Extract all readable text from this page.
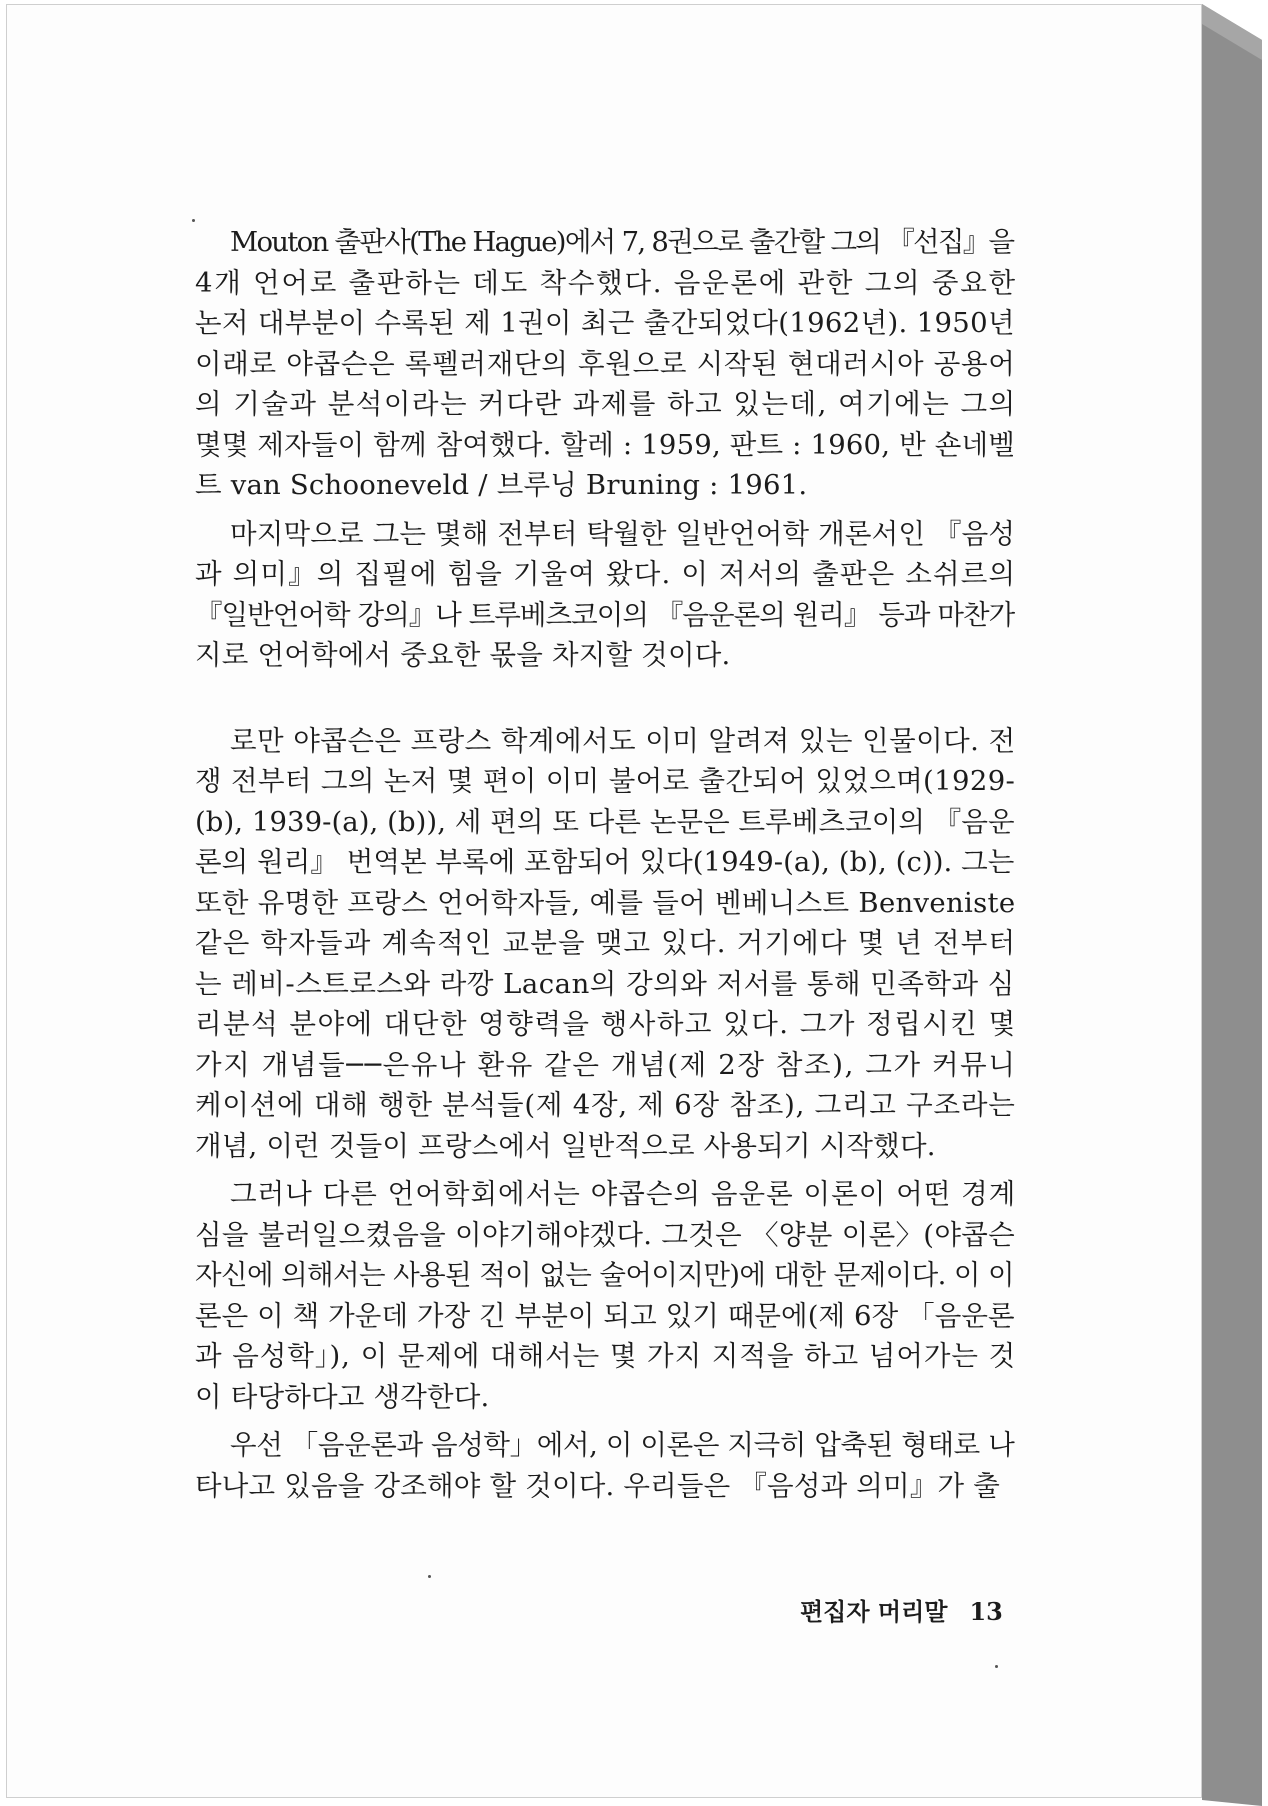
Mouton 출판사(The Hague)에서 7, 8권으로 출간할 그의 『선집』을
4개 언어로 출판하는 데도 착수했다. 음운론에 관한 그의 중요한
논저 대부분이 수록된 제 1권이 최근 출간되었다(1962년). 1950년
이래로 야콥슨은 록펠러재단의 후원으로 시작된 현대러시아 공용어
의 기술과 분석이라는 커다란 과제를 하고 있는데, 여기에는 그의
몇몇 제자들이 함께 참여했다. 할레 : 1959, 판트 : 1960, 반 숀네벨
트 van Schooneveld / 브루닝 Bruning : 1961.
마지막으로 그는 몇해 전부터 탁월한 일반언어학 개론서인 『음성
과 의미』의 집필에 힘을 기울여 왔다. 이 저서의 출판은 소쉬르의
『일반언어학 강의』나 트루베츠코이의 『음운론의 원리』 등과 마찬가
지로 언어학에서 중요한 몫을 차지할 것이다.
로만 야콥슨은 프랑스 학계에서도 이미 알려져 있는 인물이다. 전
쟁 전부터 그의 논저 몇 편이 이미 불어로 출간되어 있었으며(1929-
(b), 1939-(a), (b)), 세 편의 또 다른 논문은 트루베츠코이의 『음운
론의 원리』 번역본 부록에 포함되어 있다(1949-(a), (b), (c)). 그는
또한 유명한 프랑스 언어학자들, 예를 들어 벤베니스트 Benveniste
같은 학자들과 계속적인 교분을 맺고 있다. 거기에다 몇 년 전부터
는 레비-스트로스와 라깡 Lacan의 강의와 저서를 통해 민족학과 심
리분석 분야에 대단한 영향력을 행사하고 있다. 그가 정립시킨 몇
가지 개념들──은유나 환유 같은 개념(제 2장 참조), 그가 커뮤니
케이션에 대해 행한 분석들(제 4장, 제 6장 참조), 그리고 구조라는
개념, 이런 것들이 프랑스에서 일반적으로 사용되기 시작했다.
그러나 다른 언어학회에서는 야콥슨의 음운론 이론이 어떤 경계
심을 불러일으켰음을 이야기해야겠다. 그것은 〈양분 이론〉(야콥슨
자신에 의해서는 사용된 적이 없는 술어이지만)에 대한 문제이다. 이 이
론은 이 책 가운데 가장 긴 부분이 되고 있기 때문에(제 6장 「음운론
과 음성학」), 이 문제에 대해서는 몇 가지 지적을 하고 넘어가는 것
이 타당하다고 생각한다.
우선 「음운론과 음성학」에서, 이 이론은 지극히 압축된 형태로 나
타나고 있음을 강조해야 할 것이다. 우리들은 『음성과 의미』가 출
편집자 머리말 13
